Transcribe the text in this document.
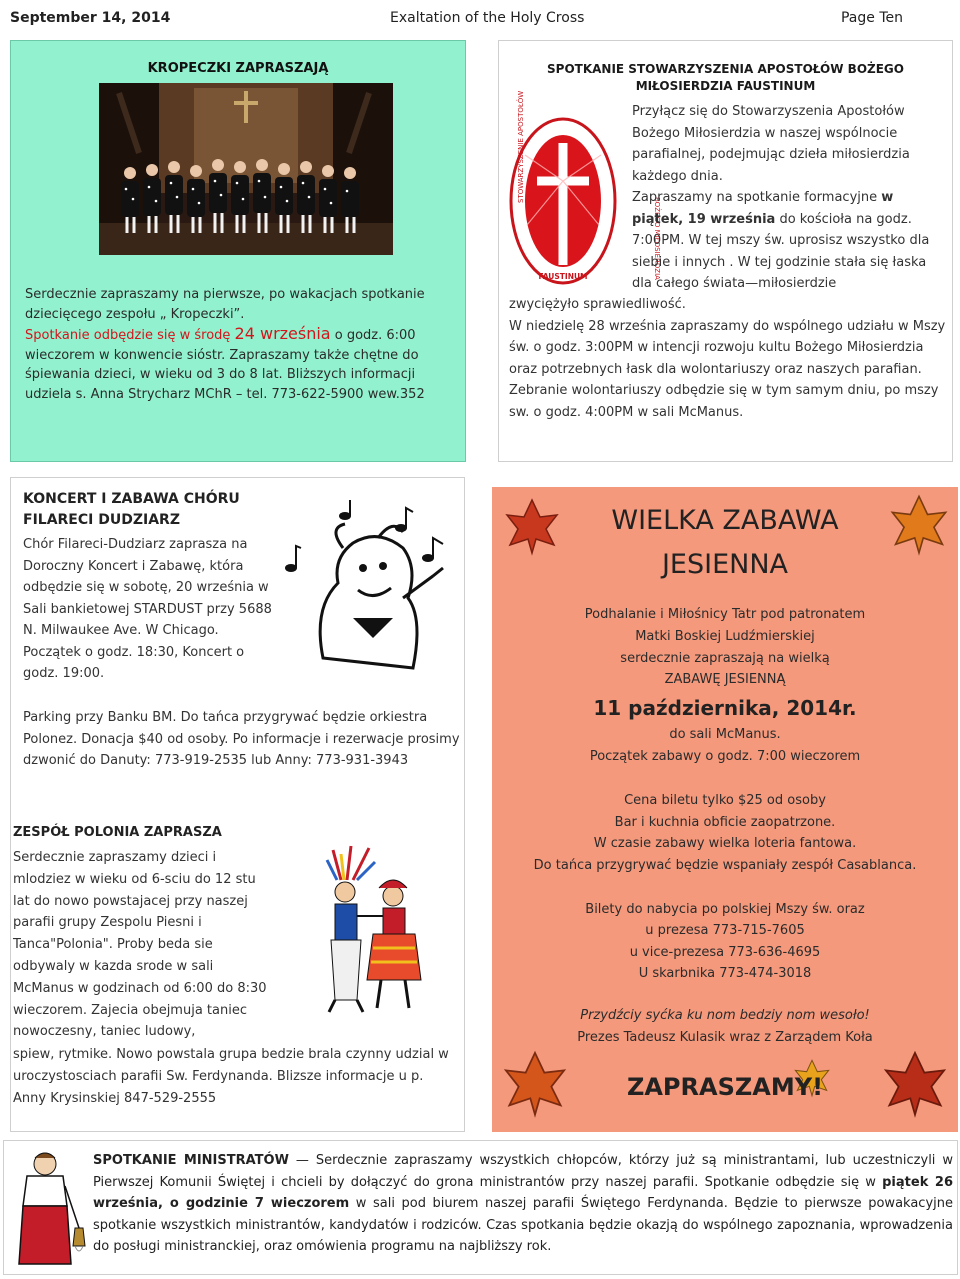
September 14, 2014	Exaltation of the Holy Cross	Page Ten
KROPECZKI ZAPRASZAJĄ
Serdecznie zapraszamy na pierwsze, po wakacjach spotkanie dziecięcego zespołu „ Kropeczki”.
Spotkanie odbędzie się w środę 24 września o godz. 6:00 wieczorem w konwencie sióstr. Zapraszamy także chętne do śpiewania dzieci, w wieku od 3 do 8 lat. Bliższych informacji udziela s. Anna Strycharz MChR – tel. 773-622-5900 wew.352
SPOTKANIE STOWARZYSZENIA APOSTOŁÓW BOŻEGO MIŁOSIERDZIA FAUSTINUM
STOWARZYSZENIE APOSTOŁÓW
BOŻEGO MIŁOSIERDZIA
FAUSTINUM
Przyłącz się do Stowarzyszenia Apostołów Bożego Miłosierdzia w naszej wspólnocie parafialnej, podejmując dzieła miłosierdzia każdego dnia.
Zapraszamy na spotkanie formacyjne w piątek, 19 września do kościoła na godz. 7:00PM. W tej mszy św. uprosisz wszystko dla siebie i innych . W tej godzinie stała się łaska dla całego świata—miłosierdzie
zwyciężyło sprawiedliwość.
W niedzielę 28 września zapraszamy do wspólnego udziału w Mszy św. o godz. 3:00PM w intencji rozwoju kultu Bożego Miłosierdzia oraz potrzebnych łask dla wolontariuszy oraz naszych parafian. Zebranie wolontariuszy odbędzie się w tym samym dniu, po mszy sw. o godz. 4:00PM w sali McManus.
KONCERT I ZABAWA CHÓRU FILARECI DUDZIARZ
Chór Filareci-Dudziarz zaprasza na Doroczny Koncert i Zabawę, która odbędzie się w sobotę, 20 września w Sali bankietowej STARDUST przy 5688 N. Milwaukee Ave. W Chicago. Początek o godz. 18:30, Koncert o godz. 19:00.
Parking przy Banku BM. Do tańca przygrywać będzie orkiestra Polonez. Donacja $40 od osoby. Po informacje i rezerwacje prosimy dzwonić do Danuty: 773-919-2535 lub Anny: 773-931-3943
ZESPÓŁ POLONIA ZAPRASZA
Serdecznie zapraszamy dzieci i mlodziez w wieku od 6-sciu do 12 stu lat do nowo powstajacej przy naszej parafii grupy Zespolu Piesni i Tanca"Polonia". Proby beda sie odbywaly w kazda srode w sali McManus w godzinach od 6:00 do 8:30 wieczorem. Zajecia obejmuja taniec nowoczesny, taniec ludowy,
spiew, rytmike. Nowo powstala grupa bedzie brala czynny udzial w uroczystosciach parafii Sw. Ferdynanda. Blizsze informacje u p. Anny Krysinskiej 847-529-2555
WIELKA ZABAWA
JESIENNA
Podhalanie i Miłośnicy Tatr pod patronatem
Matki Boskiej Ludźmierskiej
serdecznie zapraszają na wielką
ZABAWĘ JESIENNĄ
11 października, 2014r.
do sali McManus.
Początek zabawy o godz. 7:00 wieczorem
Cena biletu tylko $25 od osoby
Bar i kuchnia obficie zaopatrzone.
W czasie zabawy wielka loteria fantowa.
Do tańca przygrywać będzie wspaniały zespół Casablanca.
Bilety do nabycia po polskiej Mszy św. oraz
u prezesa 773-715-7605
u vice-prezesa 773-636-4695
U skarbnika 773-474-3018
Przydźciy syćka ku nom bedziy nom wesoło!
Prezes Tadeusz Kulasik wraz z Zarządem Koła
ZAPRASZAMY!
SPOTKANIE MINISTRATÓW — Serdecznie zapraszamy wszystkich chłopców, którzy już są ministrantami, lub uczestniczyli w Pierwszej Komunii Świętej i chcieli by dołączyć do grona ministrantów przy naszej parafii. Spotkanie odbędzie się w piątek 26 września, o godzinie 7 wieczorem w sali pod biurem naszej parafii Świętego Ferdynanda. Będzie to pierwsze powakacyjne spotkanie wszystkich ministrantów, kandydatów i rodziców. Czas spotkania będzie okazją do wspólnego zapoznania, wprowadzenia do posługi ministranckiej, oraz omówienia programu na najbliższy rok.
